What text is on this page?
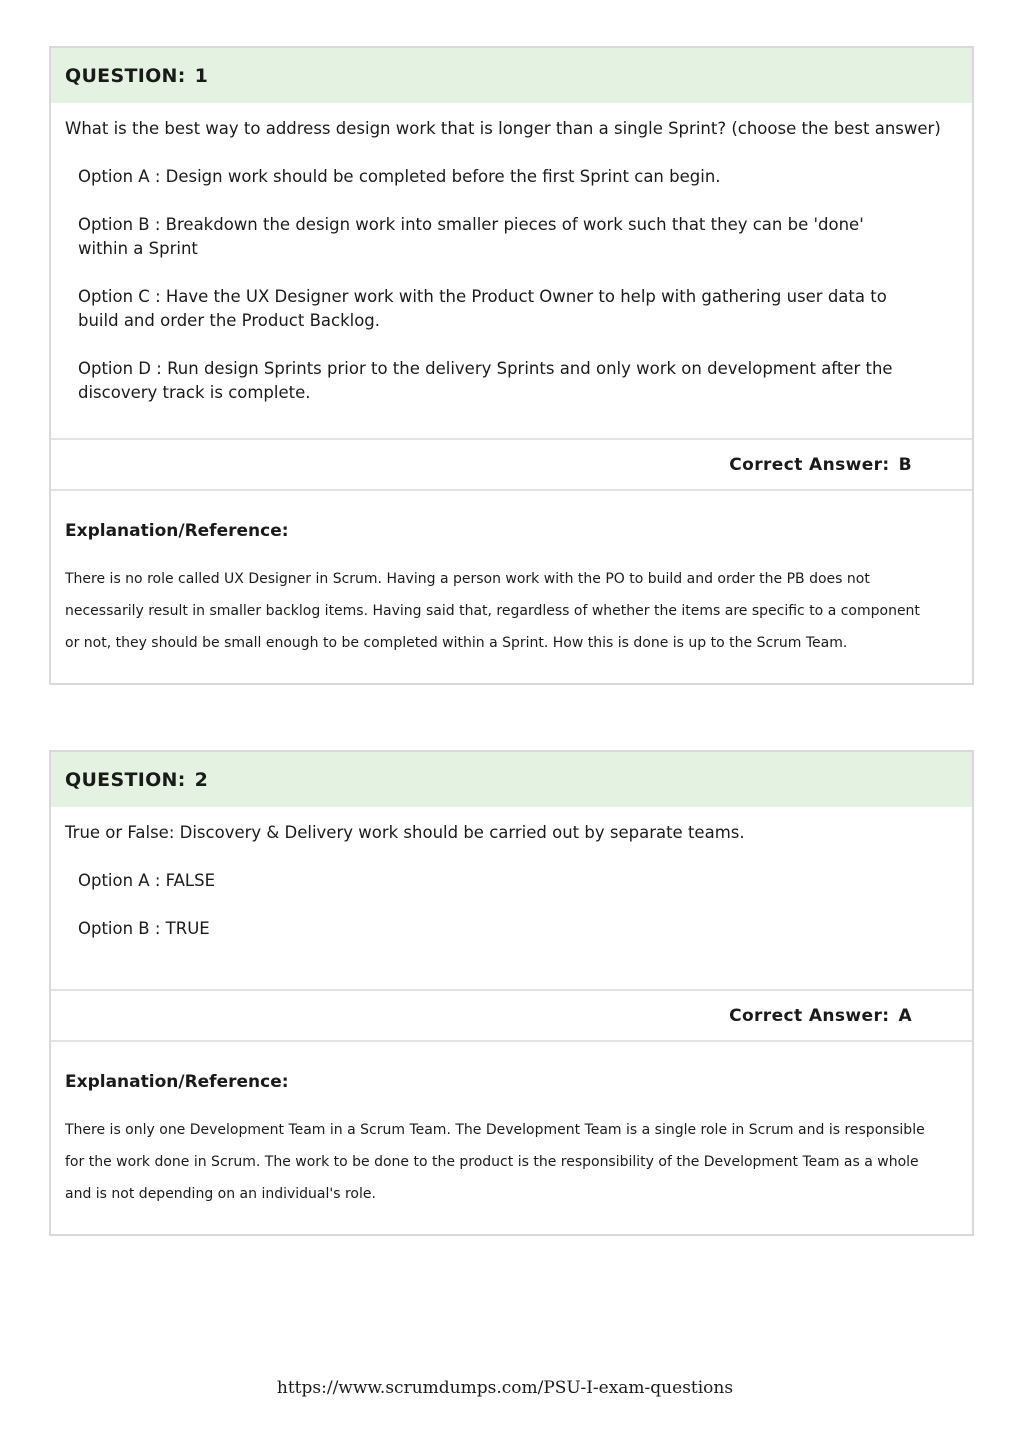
QUESTION: 1

What is the best way to address design work that is longer than a single Sprint? (choose the best answer)

Option A : Design work should be completed before the first Sprint can begin.

Option B : Breakdown the design work into smaller pieces of work such that they can be 'done' within a Sprint

Option C : Have the UX Designer work with the Product Owner to help with gathering user data to build and order the Product Backlog.

Option D : Run design Sprints prior to the delivery Sprints and only work on development after the discovery track is complete.

Correct Answer: B

Explanation/Reference:

There is no role called UX Designer in Scrum. Having a person work with the PO to build and order the PB does not necessarily result in smaller backlog items. Having said that, regardless of whether the items are specific to a component or not, they should be small enough to be completed within a Sprint. How this is done is up to the Scrum Team.

QUESTION: 2

True or False: Discovery & Delivery work should be carried out by separate teams.

Option A : FALSE

Option B : TRUE

Correct Answer: A

Explanation/Reference:

There is only one Development Team in a Scrum Team. The Development Team is a single role in Scrum and is responsible for the work done in Scrum. The work to be done to the product is the responsibility of the Development Team as a whole and is not depending on an individual's role.

https://www.scrumdumps.com/PSU-I-exam-questions
